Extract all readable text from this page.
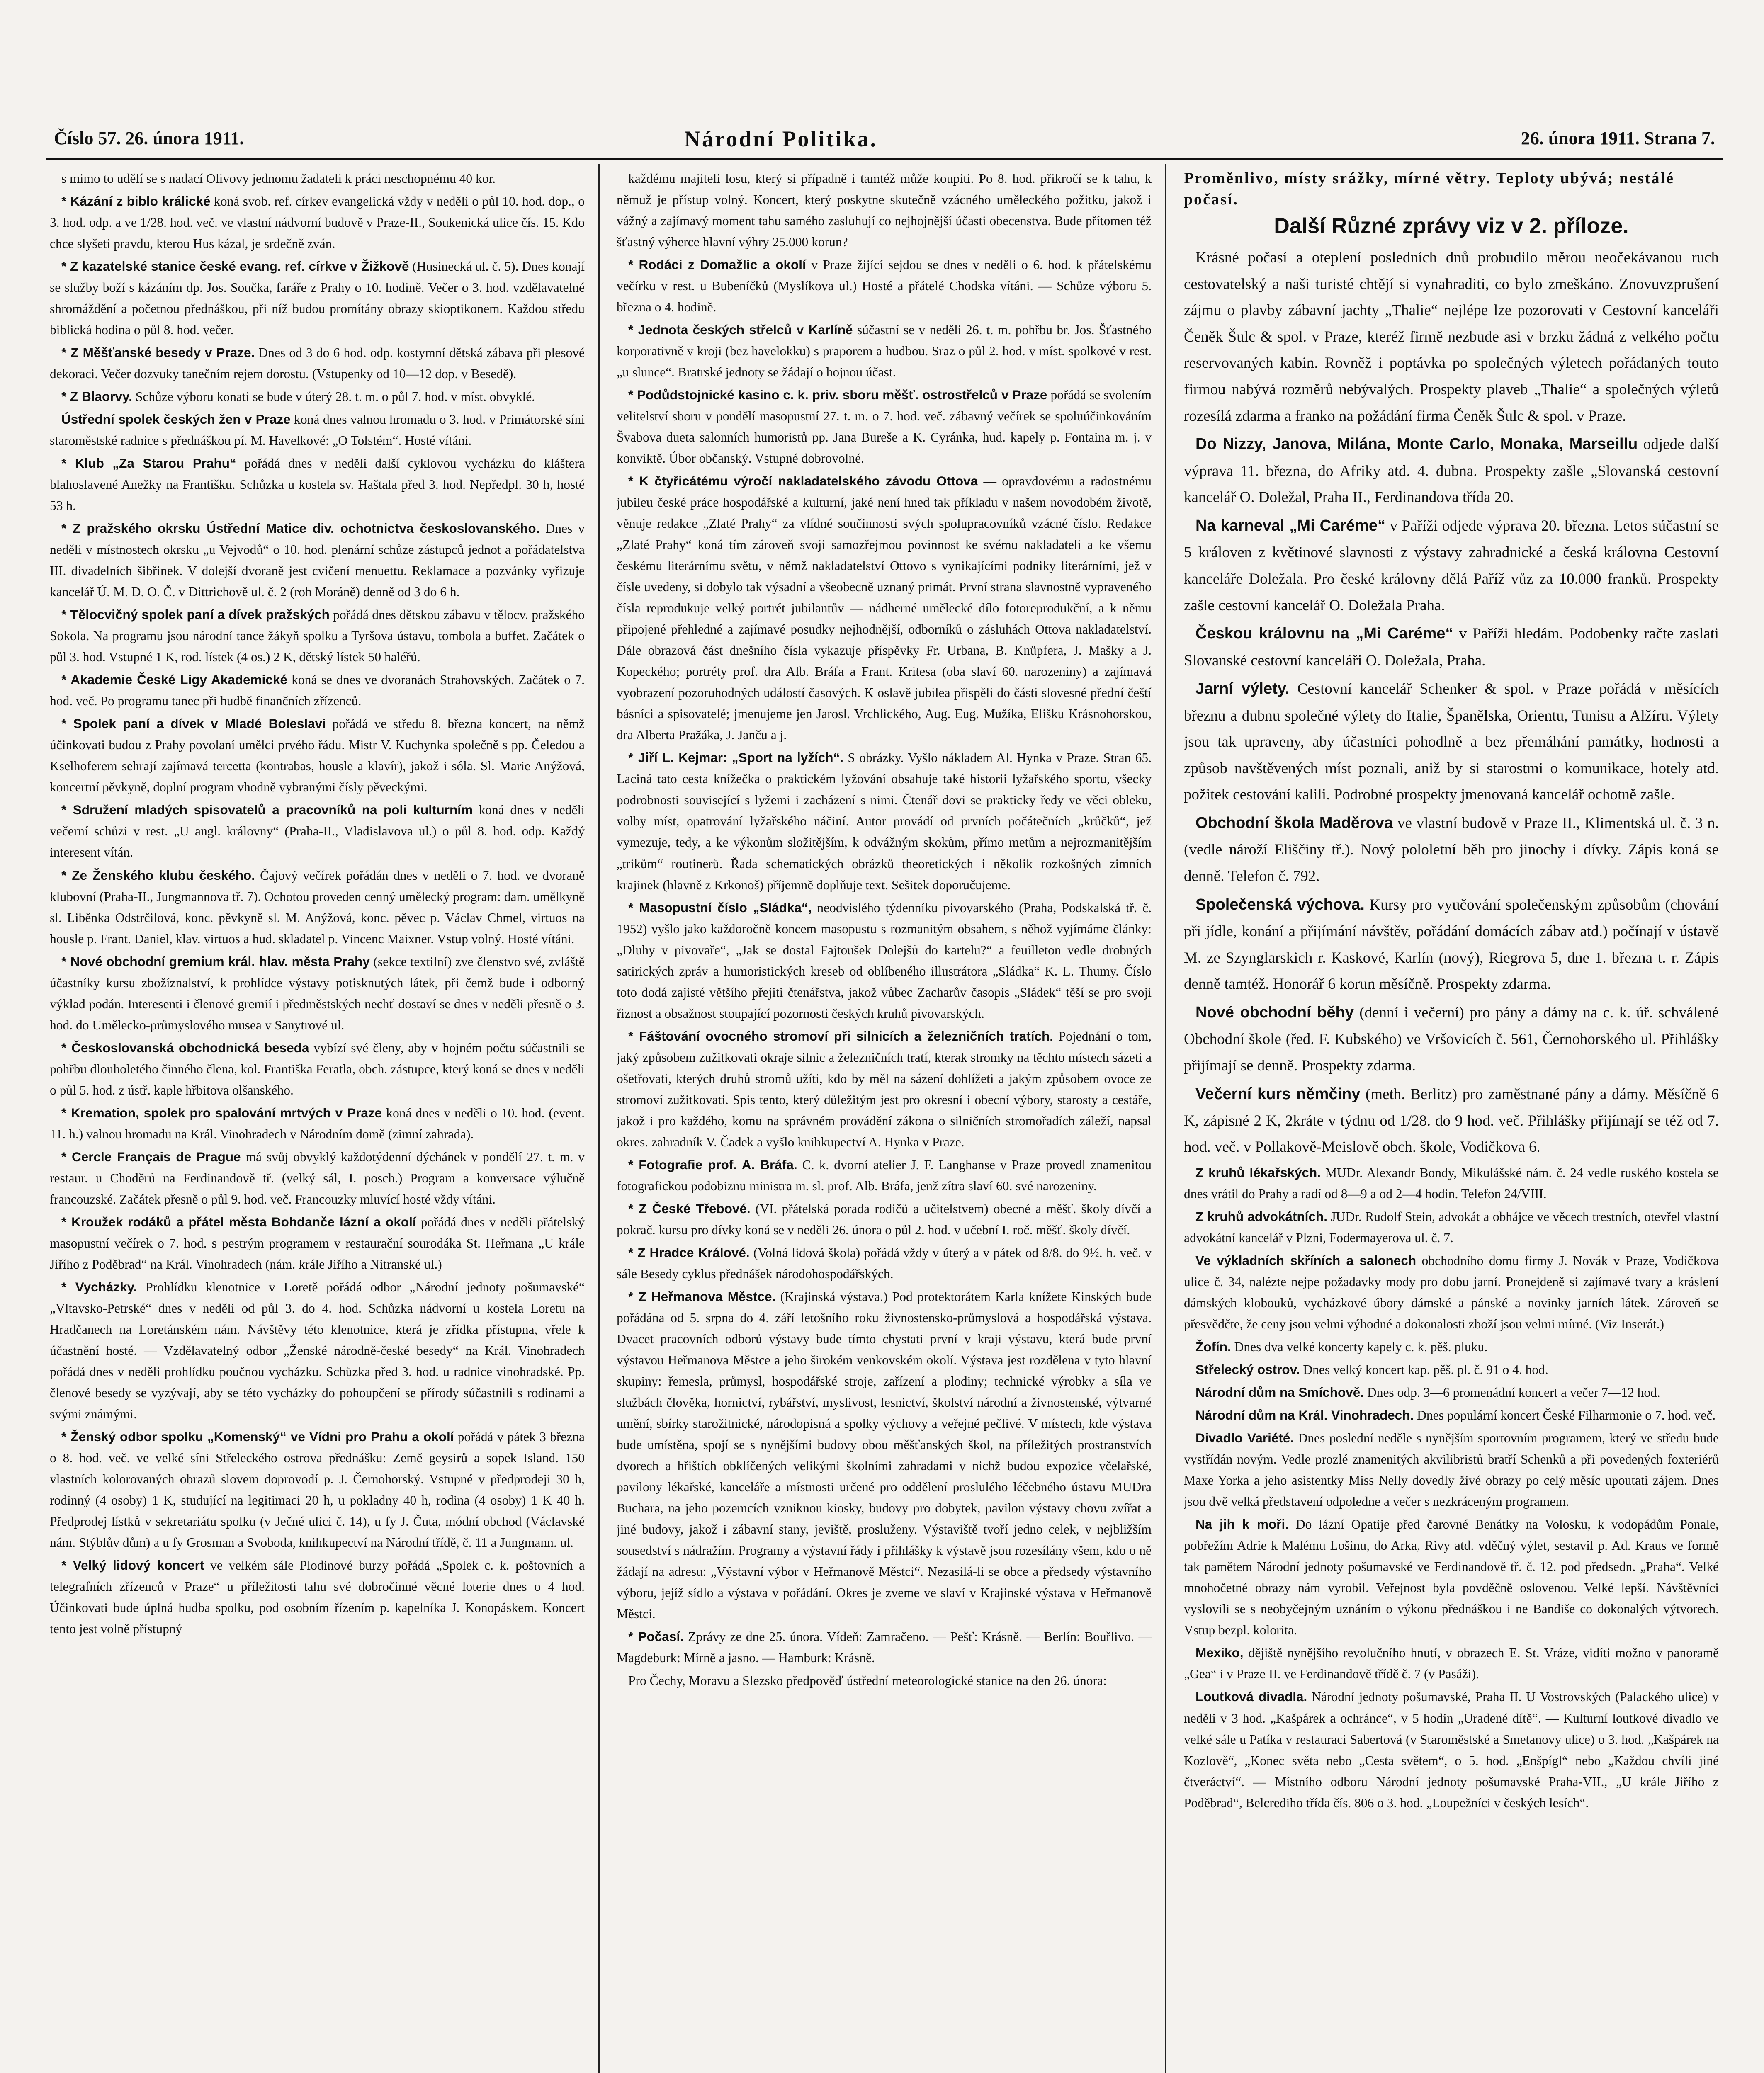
Číslo 57. 26. února 1911.	Národní Politika.	26. února 1911. Strana 7.

s mimo to udělí se s nadací Olivovy jednomu žadateli k práci neschopnému 40 kor.

* Kázání z biblo králické koná svob. ref. církev evangelická vždy v neděli o půl 10. hod. dop., o 3. hod. odp. a ve 1/28. hod. več. ve vlastní nádvorní budově v Praze-II., Soukenická ulice čís. 15. Kdo chce slyšeti pravdu, kterou Hus kázal, je srdečně zván.

* Z kazatelské stanice české evang. ref. církve v Žižkově (Husinecká ul. č. 5). Dnes konají se služby boží s kázáním dp. Jos. Součka, faráře z Prahy o 10. hodině. Večer o 3. hod. vzdělavatelné shromáždění a početnou přednáškou, při níž budou promítány obrazy skioptikonem. Každou středu biblická hodina o půl 8. hod. večer.

* Z Měšťanské besedy v Praze. Dnes od 3 do 6 hod. odp. kostymní dětská zábava při plesové dekoraci. Večer dozvuky tanečním rejem dorostu. (Vstupenky od 10—12 dop. v Besedě).

* Z Blaorvy. Schůze výboru konati se bude v úterý 28. t. m. o půl 7. hod. v míst. obvyklé.

Ústřední spolek českých žen v Praze koná dnes valnou hromadu o 3. hod. v Primátorské síni staroměstské radnice s přednáškou pí. M. Havelkové: „O Tolstém“. Hosté vítáni.

* Klub „Za Starou Prahu“ pořádá dnes v neděli další cyklovou vycházku do kláštera blahoslavené Anežky na Františku. Schůzka u kostela sv. Haštala před 3. hod. Nepředpl. 30 h, hosté 53 h.

* Z pražského okrsku Ústřední Matice div. ochotnictva českoslovanského. Dnes v neděli v místnostech okrsku „u Vejvodů“ o 10. hod. plenární schůze zástupců jednot a pořádatelstva III. divadelních šibřinek. V dolejší dvoraně jest cvičení menuettu. Reklamace a pozvánky vyřizuje kancelář Ú. M. D. O. Č. v Dittrichově ul. č. 2 (roh Moráně) denně od 3 do 6 h.

* Tělocvičný spolek paní a dívek pražských pořádá dnes dětskou zábavu v tělocv. pražského Sokola. Na programu jsou národní tance žákyň spolku a Tyršova ústavu, tombola a buffet. Začátek o půl 3. hod. Vstupné 1 K, rod. lístek (4 os.) 2 K, dětský lístek 50 haléřů.

* Akademie České Ligy Akademické koná se dnes ve dvoranách Strahovských. Začátek o 7. hod. več. Po programu tanec při hudbě finančních zřízenců.

* Spolek paní a dívek v Mladé Boleslavi pořádá ve středu 8. března koncert, na němž účinkovati budou z Prahy povolaní umělci prvého řádu. Mistr V. Kuchynka společně s pp. Čeledou a Kselhoferem sehrají zajímavá tercetta (kontrabas, housle a klavír), jakož i sóla. Sl. Marie Anýžová, koncertní pěvkyně, doplní program vhodně vybranými čísly pěveckými.

* Sdružení mladých spisovatelů a pracovníků na poli kulturním koná dnes v neděli večerní schůzi v rest. „U angl. královny“ (Praha-II., Vladislavova ul.) o půl 8. hod. odp. Každý interesent vítán.

* Ze Ženského klubu českého. Čajový večírek pořádán dnes v neděli o 7. hod. ve dvoraně klubovní (Praha-II., Jungmannova tř. 7). Ochotou proveden cenný umělecký program: dam. umělkyně sl. Liběnka Odstrčilová, konc. pěvkyně sl. M. Anýžová, konc. pěvec p. Václav Chmel, virtuos na housle p. Frant. Daniel, klav. virtuos a hud. skladatel p. Vincenc Maixner. Vstup volný. Hosté vítáni.

* Nové obchodní gremium král. hlav. města Prahy (sekce textilní) zve členstvo své, zvláště účastníky kursu zbožíznalství, k prohlídce výstavy potisknutých látek, při čemž bude i odborný výklad podán. Interesenti i členové gremií i předměstských nechť dostaví se dnes v neděli přesně o 3. hod. do Umělecko-průmyslového musea v Sanytrové ul.

* Českoslovanská obchodnická beseda vybízí své členy, aby v hojném počtu súčastnili se pohřbu dlouholetého činného člena, kol. Františka Feratla, obch. zástupce, který koná se dnes v neděli o půl 5. hod. z ústř. kaple hřbitova olšanského.

* Kremation, spolek pro spalování mrtvých v Praze koná dnes v neděli o 10. hod. (event. 11. h.) valnou hromadu na Král. Vinohradech v Národním domě (zimní zahrada).

* Cercle Français de Prague má svůj obvyklý každotýdenní dýchánek v pondělí 27. t. m. v restaur. u Choděrů na Ferdinandově tř. (velký sál, I. posch.) Program a konversace výlučně francouzské. Začátek přesně o půl 9. hod. več. Francouzky mluvící hosté vždy vítáni.

* Kroužek rodáků a přátel města Bohdanče lázní a okolí pořádá dnes v neděli přátelský masopustní večírek o 7. hod. s pestrým programem v restaurační sourodáka St. Heřmana „U krále Jiřího z Poděbrad“ na Král. Vinohradech (nám. krále Jiřího a Nitranské ul.)

* Vycházky. Prohlídku klenotnice v Loretě pořádá odbor „Národní jednoty pošumavské“ „Vltavsko-Petrské“ dnes v neděli od půl 3. do 4. hod. Schůzka nádvorní u kostela Loretu na Hradčanech na Loretánském nám. Návštěvy této klenotnice, která je zřídka přístupna, vřele k účastnění hosté. — Vzdělavatelný odbor „Ženské národně-české besedy“ na Král. Vinohradech pořádá dnes v neděli prohlídku poučnou vycházku. Schůzka před 3. hod. u radnice vinohradské. Pp. členové besedy se vyzývají, aby se této vycházky do pohoupčení se přírody súčastnili s rodinami a svými známými.

* Ženský odbor spolku „Komenský“ ve Vídni pro Prahu a okolí pořádá v pátek 3 března o 8. hod. več. ve velké síni Střeleckého ostrova přednášku: Země geysirů a sopek Island. 150 vlastních kolorovaných obrazů slovem doprovodí p. J. Černohorský. Vstupné v předprodeji 30 h, rodinný (4 osoby) 1 K, studující na legitimaci 20 h, u pokladny 40 h, rodina (4 osoby) 1 K 40 h. Předprodej lístků v sekretariátu spolku (v Ječné ulici č. 14), u fy J. Čuta, módní obchod (Václavské nám. Stýblův dům) a u fy Grosman a Svoboda, knihkupectví na Národní třídě, č. 11 a Jungmann. ul.

* Velký lidový koncert ve velkém sále Plodinové burzy pořádá „Spolek c. k. poštovních a telegrafních zřízenců v Praze“ u příležitosti tahu své dobročinné věcné loterie dnes o 4 hod. Účinkovati bude úplná hudba spolku, pod osobním řízením p. kapelníka J. Konopáskem. Koncert tento jest volně přístupný

každému majiteli losu, který si případně i tamtéž může koupiti. Po 8. hod. přikročí se k tahu, k němuž je přístup volný. Koncert, který poskytne skutečně vzácného uměleckého požitku, jakož i vážný a zajímavý moment tahu samého zasluhují co nejhojnější účasti obecenstva. Bude přítomen též šťastný výherce hlavní výhry 25.000 korun?

* Rodáci z Domažlic a okolí v Praze žijící sejdou se dnes v neděli o 6. hod. k přátelskému večírku v rest. u Bubeníčků (Myslíkova ul.) Hosté a přátelé Chodska vítáni. — Schůze výboru 5. března o 4. hodině.

* Jednota českých střelců v Karlíně súčastní se v neděli 26. t. m. pohřbu br. Jos. Šťastného korporativně v kroji (bez havelokku) s praporem a hudbou. Sraz o půl 2. hod. v míst. spolkové v rest. „u slunce“. Bratrské jednoty se žádají o hojnou účast.

* Podůdstojnické kasino c. k. priv. sboru měšť. ostrostřelců v Praze pořádá se svolením velitelství sboru v pondělí masopustní 27. t. m. o 7. hod. več. zábavný večírek se spoluúčinkováním Švabova dueta salonních humoristů pp. Jana Bureše a K. Cyránka, hud. kapely p. Fontaina m. j. v konviktě. Úbor občanský. Vstupné dobrovolné.

* K čtyřicátému výročí nakladatelského závodu Ottova — opravdovému a radostnému jubileu české práce hospodářské a kulturní, jaké není hned tak příkladu v našem novodobém životě, věnuje redakce „Zlaté Prahy“ za vlídné součinnosti svých spolupracovníků vzácné číslo. Redakce „Zlaté Prahy“ koná tím zároveň svoji samozřejmou povinnost ke svému nakladateli a ke všemu českému literárnímu světu, v němž nakladatelství Ottovo s vynikajícími podniky literárními, jež v čísle uvedeny, si dobylo tak výsadní a všeobecně uznaný primát. První strana slavnostně vypraveného čísla reprodukuje velký portrét jubilantův — nádherné umělecké dílo fotoreprodukční, a k němu připojené přehledné a zajímavé posudky nejhodnější, odborníků o zásluhách Ottova nakladatelství. Dále obrazová část dnešního čísla vykazuje příspěvky Fr. Urbana, B. Knüpfera, J. Mašky a J. Kopeckého; portréty prof. dra Alb. Bráfa a Frant. Kritesa (oba slaví 60. narozeniny) a zajímavá vyobrazení pozoruhodných událostí časových. K oslavě jubilea přispěli do části slovesné přední čeští básníci a spisovatelé; jmenujeme jen Jarosl. Vrchlického, Aug. Eug. Mužíka, Elišku Krásnohorskou, dra Alberta Pražáka, J. Janču a j.

* Jiří L. Kejmar: „Sport na lyžích“. S obrázky. Vyšlo nákladem Al. Hynka v Praze. Stran 65. Laciná tato cesta knížečka o praktickém lyžování obsahuje také historii lyžařského sportu, všecky podrobnosti související s lyžemi i zacházení s nimi. Čtenář dovi se prakticky ředy ve věci obleku, volby míst, opatrování lyžařského náčiní. Autor provádí od prvních počátečních „krůčků“, jež vymezuje, tedy, a ke výkonům složitějším, k odvážným skokům, přímo metům a nejrozmanitějším „trikům“ routinerů. Řada schematických obrázků theoretických i několik rozkošných zimních krajinek (hlavně z Krkonoš) příjemně doplňuje text. Sešitek doporučujeme.

* Masopustní číslo „Sládka“, neodvislého týdenníku pivovarského (Praha, Podskalská tř. č. 1952) vyšlo jako každoročně koncem masopustu s rozmanitým obsahem, s něhož vyjímáme články: „Dluhy v pivovaře“, „Jak se dostal Fajtoušek Dolejšů do kartelu?“ a feuilleton vedle drobných satirických zpráv a humoristických kreseb od oblíbeného illustrátora „Sládka“ K. L. Thumy. Číslo toto dodá zajisté většího přejiti čtenářstva, jakož vůbec Zacharův časopis „Sládek“ těší se pro svoji řiznost a obsažnost stoupající pozornosti českých kruhů pivovarských.

* Fáštování ovocného stromoví při silnicích a železničních tratích. Pojednání o tom, jaký způsobem zužitkovati okraje silnic a železničních tratí, kterak stromky na těchto místech sázeti a ošetřovati, kterých druhů stromů užíti, kdo by měl na sázení dohlížeti a jakým způsobem ovoce ze stromoví zužitkovati. Spis tento, který důležitým jest pro okresní i obecní výbory, starosty a cestáře, jakož i pro každého, komu na správném provádění zákona o silničních stromořadích záleží, napsal okres. zahradník V. Čadek a vyšlo knihkupectví A. Hynka v Praze.

* Fotografie prof. A. Bráfa. C. k. dvorní atelier J. F. Langhanse v Praze provedl znamenitou fotografickou podobiznu ministra m. sl. prof. Alb. Bráfa, jenž zítra slaví 60. své narozeniny.

* Z České Třebové. (VI. přátelská porada rodičů a učitelstvem) obecné a měšť. školy dívčí a pokrač. kursu pro dívky koná se v neděli 26. února o půl 2. hod. v učební I. roč. měšť. školy dívčí.

* Z Hradce Králové. (Volná lidová škola) pořádá vždy v úterý a v pátek od 8/8. do 9½. h. več. v sále Besedy cyklus přednášek národohospodářských.

* Z Heřmanova Městce. (Krajinská výstava.) Pod protektorátem Karla knížete Kinských bude pořádána od 5. srpna do 4. září letošního roku živnostensko-průmyslová a hospodářská výstava. Dvacet pracovních odborů výstavy bude tímto chystati první v kraji výstavu, která bude první výstavou Heřmanova Městce a jeho širokém venkovském okolí. Výstava jest rozdělena v tyto hlavní skupiny: řemesla, průmysl, hospodářské stroje, zařízení a plodiny; technické výrobky a síla ve službách člověka, hornictví, rybářství, myslivost, lesnictví, školství národní a živnostenské, výtvarné umění, sbírky starožitnické, národopisná a spolky výchovy a veřejné pečlivé. V místech, kde výstava bude umístěna, spojí se s nynějšími budovy obou měšťanských škol, na příležitých prostranstvích dvorech a hřištích obklíčených velikými školními zahradami v nichž budou expozice včelařské, pavilony lékařské, kanceláře a místnosti určené pro oddělení proslulého léčebného ústavu MUDra Buchara, na jeho pozemcích vzniknou kiosky, budovy pro dobytek, pavilon výstavy chovu zvířat a jiné budovy, jakož i zábavní stany, jeviště, prosluženy. Výstaviště tvoří jedno celek, v nejbližším sousedství s nádražím. Programy a výstavní řády i přihlášky k výstavě jsou rozesílány všem, kdo o ně žádají na adresu: „Výstavní výbor v Heřmanově Městci“. Nezasilá-li se obce a předsedy výstavního výboru, jejíž sídlo a výstava v pořádání. Okres je zveme ve slaví v Krajinské výstava v Heřmanově Městci.

* Počasí. Zprávy ze dne 25. února. Vídeň: Zamračeno. — Pešť: Krásně. — Berlín: Bouřlivo. — Magdeburk: Mírně a jasno. — Hamburk: Krásně.

Pro Čechy, Moravu a Slezsko předpověď ústřední meteorologické stanice na den 26. února:

Proměnlivo, místy srážky, mírné větry. Teploty ubývá; nestálé počasí.
Další Různé zprávy viz v 2. příloze.

Krásné počasí a oteplení posledních dnů probudilo měrou neočekávanou ruch cestovatelský a naši turisté chtějí si vynahraditi, co bylo zmeškáno. Znovuvzprušení zájmu o plavby zábavní jachty „Thalie“ nejlépe lze pozorovati v Cestovní kanceláři Čeněk Šulc & spol. v Praze, kteréž firmě nezbude asi v brzku žádná z velkého počtu reservovaných kabin. Rovněž i poptávka po společných výletech pořádaných touto firmou nabývá rozměrů nebývalých. Prospekty plaveb „Thalie“ a společných výletů rozesílá zdarma a franko na požádání firma Čeněk Šulc & spol. v Praze.

Do Nizzy, Janova, Milána, Monte Carlo, Monaka, Marseillu odjede další výprava 11. března, do Afriky atd. 4. dubna. Prospekty zašle „Slovanská cestovní kancelář O. Doležal, Praha II., Ferdinandova třída 20.

Na karneval „Mi Caréme“ v Paříži odjede výprava 20. března. Letos súčastní se 5 královen z květinové slavnosti z výstavy zahradnické a česká královna Cestovní kanceláře Doležala. Pro české královny dělá Paříž vůz za 10.000 franků. Prospekty zašle cestovní kancelář O. Doležala Praha.

Českou královnu na „Mi Caréme“ v Paříži hledám. Podobenky račte zaslati Slovanské cestovní kanceláři O. Doležala, Praha.

Jarní výlety. Cestovní kancelář Schenker & spol. v Praze pořádá v měsících březnu a dubnu společné výlety do Italie, Španělska, Orientu, Tunisu a Alžíru. Výlety jsou tak upraveny, aby účastníci pohodlně a bez přemáhání památky, hodnosti a způsob navštěvených míst poznali, aniž by si starostmi o komunikace, hotely atd. požitek cestování kalili. Podrobné prospekty jmenovaná kancelář ochotně zašle.

Obchodní škola Maděrova ve vlastní budově v Praze II., Klimentská ul. č. 3 n. (vedle nároží Eliščiny tř.). Nový pololetní běh pro jinochy i dívky. Zápis koná se denně. Telefon č. 792.

Společenská výchova. Kursy pro vyučování společenským způsobům (chování při jídle, konání a přijímání návštěv, pořádání domácích zábav atd.) počínají v ústavě M. ze Szynglarskich r. Kaskové, Karlín (nový), Riegrova 5, dne 1. března t. r. Zápis denně tamtéž. Honorář 6 korun měsíčně. Prospekty zdarma.

Nové obchodní běhy (denní i večerní) pro pány a dámy na c. k. úř. schválené Obchodní škole (řed. F. Kubského) ve Vršovicích č. 561, Černohorského ul. Přihlášky přijímají se denně. Prospekty zdarma.

Večerní kurs němčiny (meth. Berlitz) pro zaměstnané pány a dámy. Měsíčně 6 K, zápisné 2 K, 2kráte v týdnu od 1/28. do 9 hod. več. Přihlášky přijímají se též od 7. hod. več. v Pollakově-Meislově obch. škole, Vodičkova 6.

Z kruhů lékařských. MUDr. Alexandr Bondy, Mikulášské nám. č. 24 vedle ruského kostela se dnes vrátil do Prahy a radí od 8—9 a od 2—4 hodin. Telefon 24/VIII.

Z kruhů advokátních. JUDr. Rudolf Stein, advokát a obhájce ve věcech trestních, otevřel vlastní advokátní kancelář v Plzni, Fodermayerova ul. č. 7.

Ve výkladních skříních a salonech obchodního domu firmy J. Novák v Praze, Vodičkova ulice č. 34, nalézte nejpe požadavky mody pro dobu jarní. Pronejdeně si zajímavé tvary a kráslení dámských klobouků, vycházkové úbory dámské a pánské a novinky jarních látek. Zároveň se přesvědčte, že ceny jsou velmi výhodné a dokonalosti zboží jsou velmi mírné. (Viz Inserát.)

Žofín. Dnes dva velké koncerty kapely c. k. pěš. pluku.

Střelecký ostrov. Dnes velký koncert kap. pěš. pl. č. 91 o 4. hod.

Národní dům na Smíchově. Dnes odp. 3—6 promenádní koncert a večer 7—12 hod.

Národní dům na Král. Vinohradech. Dnes populární koncert České Filharmonie o 7. hod. več.

Divadlo Variété. Dnes poslední neděle s nynějším sportovním programem, který ve středu bude vystřídán novým. Vedle prozlé znamenitých akvilibristů bratří Schenků a při povedených foxteriérů Maxe Yorka a jeho asistentky Miss Nelly dovedly živé obrazy po celý měsíc upoutati zájem. Dnes jsou dvě velká představení odpoledne a večer s nezkráceným programem.

Na jih k moři. Do lázní Opatije před čarovné Benátky na Volosku, k vodopádům Ponale, pobřežím Adrie k Malému Lošinu, do Arka, Rivy atd. vděčný výlet, sestavil p. Ad. Kraus ve formě tak pamětem Národní jednoty pošumavské ve Ferdinandově tř. č. 12. pod předsedn. „Praha“. Velké mnohočetné obrazy nám vyrobil. Veřejnost byla povděčně oslovenou. Velké lepší. Návštěvníci vyslovili se s neobyčejným uznáním o výkonu přednáškou i ne Bandiše co dokonalých výtvorech. Vstup bezpl. kolorita.

Mexiko, dějiště nynějšího revolučního hnutí, v obrazech E. St. Vráze, vidíti možno v panoramě „Gea“ i v Praze II. ve Ferdinandově třídě č. 7 (v Pasáži).

Loutková divadla. Národní jednoty pošumavské, Praha II. U Vostrovských (Palackého ulice) v neděli v 3 hod. „Kašpárek a ochránce“, v 5 hodin „Uradené dítě“. — Kulturní loutkové divadlo ve velké sále u Patíka v restauraci Sabertová (v Staroměstské a Smetanovy ulice) o 3. hod. „Kašpárek na Kozlově“, „Konec světa nebo „Cesta světem“, o 5. hod. „Enšpígl“ nebo „Každou chvíli jiné čtveráctví“. — Místního odboru Národní jednoty pošumavské Praha-VII., „U krále Jiřího z Poděbrad“, Belcrediho třída čís. 806 o 3. hod. „Loupežníci v českých lesích“.
